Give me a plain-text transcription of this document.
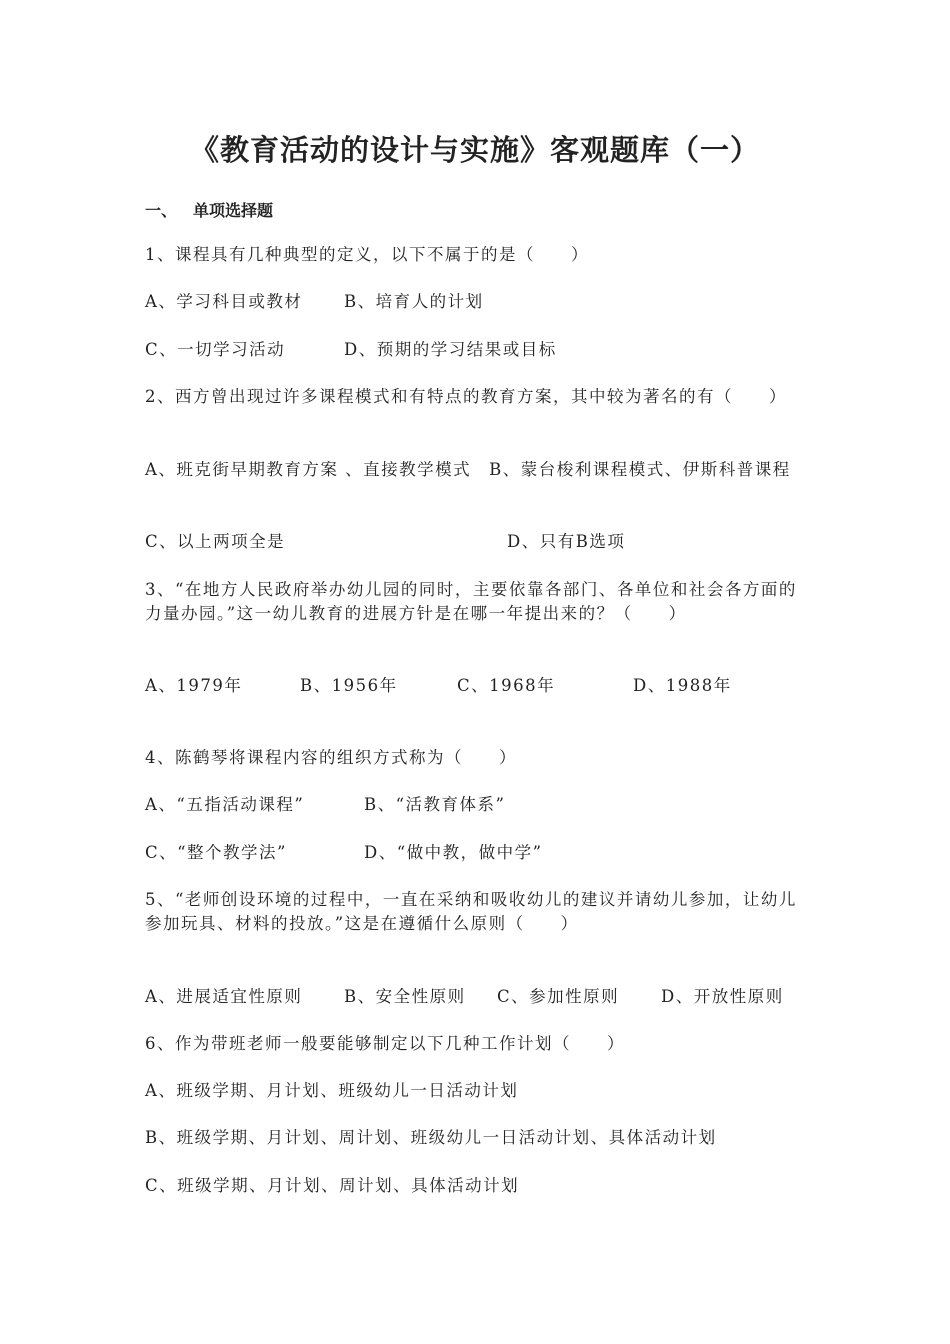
《教育活动的设计与实施》客观题库（一）
一、 单项选择题
1、课程具有几种典型的定义，以下不属于的是（　　）
A、学习科目或教材	B、培育人的计划
C、一切学习活动	D、预期的学习结果或目标
2、西方曾出现过许多课程模式和有特点的教育方案，其中较为著名的有（　　）
A、班克街早期教育方案 、直接教学模式　B、蒙台梭利课程模式、伊斯科普课程
C、以上两项全是	D、只有B选项
3、“在地方人民政府举办幼儿园的同时，主要依靠各部门、各单位和社会各方面的力量办园。”这一幼儿教育的进展方针是在哪一年提出来的？（　　）
A、1979年	B、1956年	C、1968年	D、1988年
4、陈鹤琴将课程内容的组织方式称为（　　）
A、“五指活动课程”	B、“活教育体系”
C、“整个教学法”	D、“做中教，做中学”
5、“老师创设环境的过程中，一直在采纳和吸收幼儿的建议并请幼儿参加，让幼儿参加玩具、材料的投放。”这是在遵循什么原则（　　）
A、进展适宜性原则	B、安全性原则 C、参加性原则	D、开放性原则
6、作为带班老师一般要能够制定以下几种工作计划（　　）
A、班级学期、月计划、班级幼儿一日活动计划
B、班级学期、月计划、周计划、班级幼儿一日活动计划、具体活动计划
C、班级学期、月计划、周计划、具体活动计划
